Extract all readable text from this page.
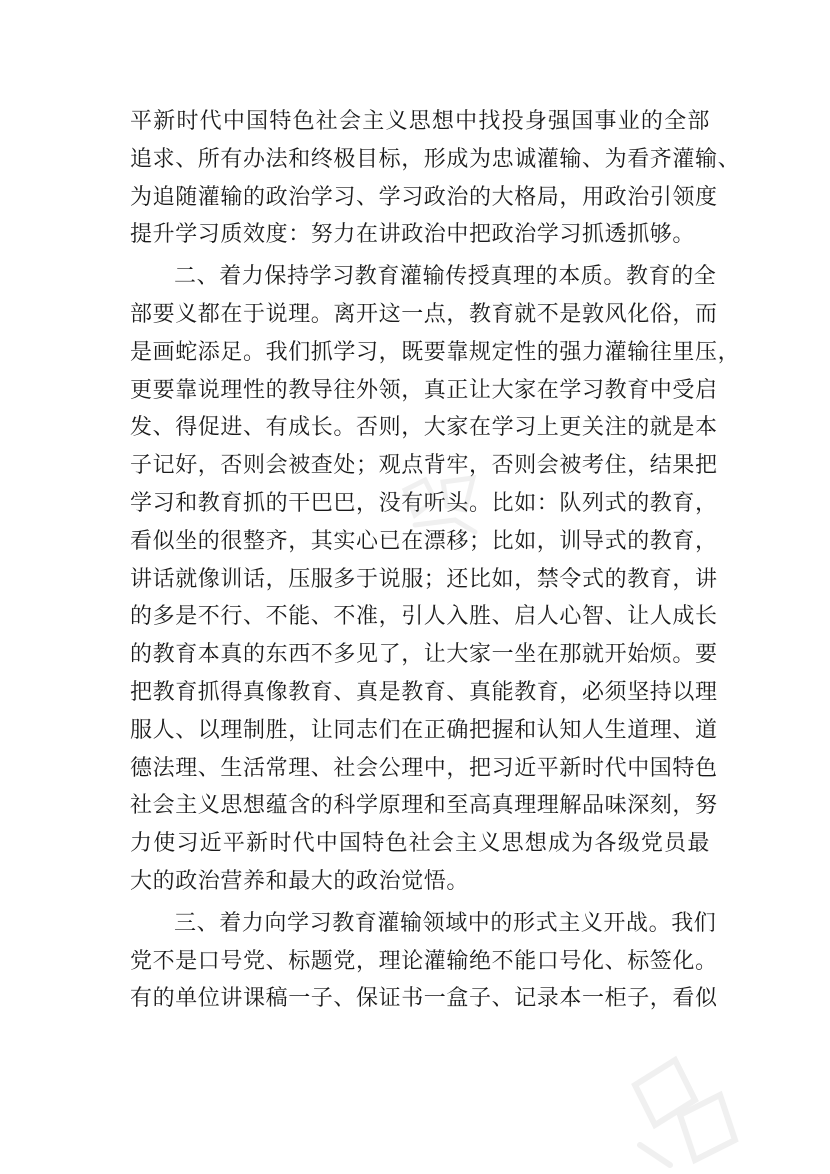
平新时代中国特色社会主义思想中找投身强国事业的全部
追求、所有办法和终极目标，形成为忠诚灌输、为看齐灌输、
为追随灌输的政治学习、学习政治的大格局，用政治引领度
提升学习质效度：努力在讲政治中把政治学习抓透抓够。
二、着力保持学习教育灌输传授真理的本质。教育的全
部要义都在于说理。离开这一点，教育就不是敦风化俗，而
是画蛇添足。我们抓学习，既要靠规定性的强力灌输往里压，
更要靠说理性的教导往外领，真正让大家在学习教育中受启
发、得促进、有成长。否则，大家在学习上更关注的就是本
子记好，否则会被查处；观点背牢，否则会被考住，结果把
学习和教育抓的干巴巴，没有听头。比如：队列式的教育，
看似坐的很整齐，其实心已在漂移；比如，训导式的教育，
讲话就像训话，压服多于说服；还比如，禁令式的教育，讲
的多是不行、不能、不准，引人入胜、启人心智、让人成长
的教育本真的东西不多见了，让大家一坐在那就开始烦。要
把教育抓得真像教育、真是教育、真能教育，必须坚持以理
服人、以理制胜，让同志们在正确把握和认知人生道理、道
德法理、生活常理、社会公理中，把习近平新时代中国特色
社会主义思想蕴含的科学原理和至高真理理解品味深刻，努
力使习近平新时代中国特色社会主义思想成为各级党员最
大的政治营养和最大的政治觉悟。
三、着力向学习教育灌输领域中的形式主义开战。我们
党不是口号党、标题党，理论灌输绝不能口号化、标签化。
有的单位讲课稿一子、保证书一盒子、记录本一柜子，看似
